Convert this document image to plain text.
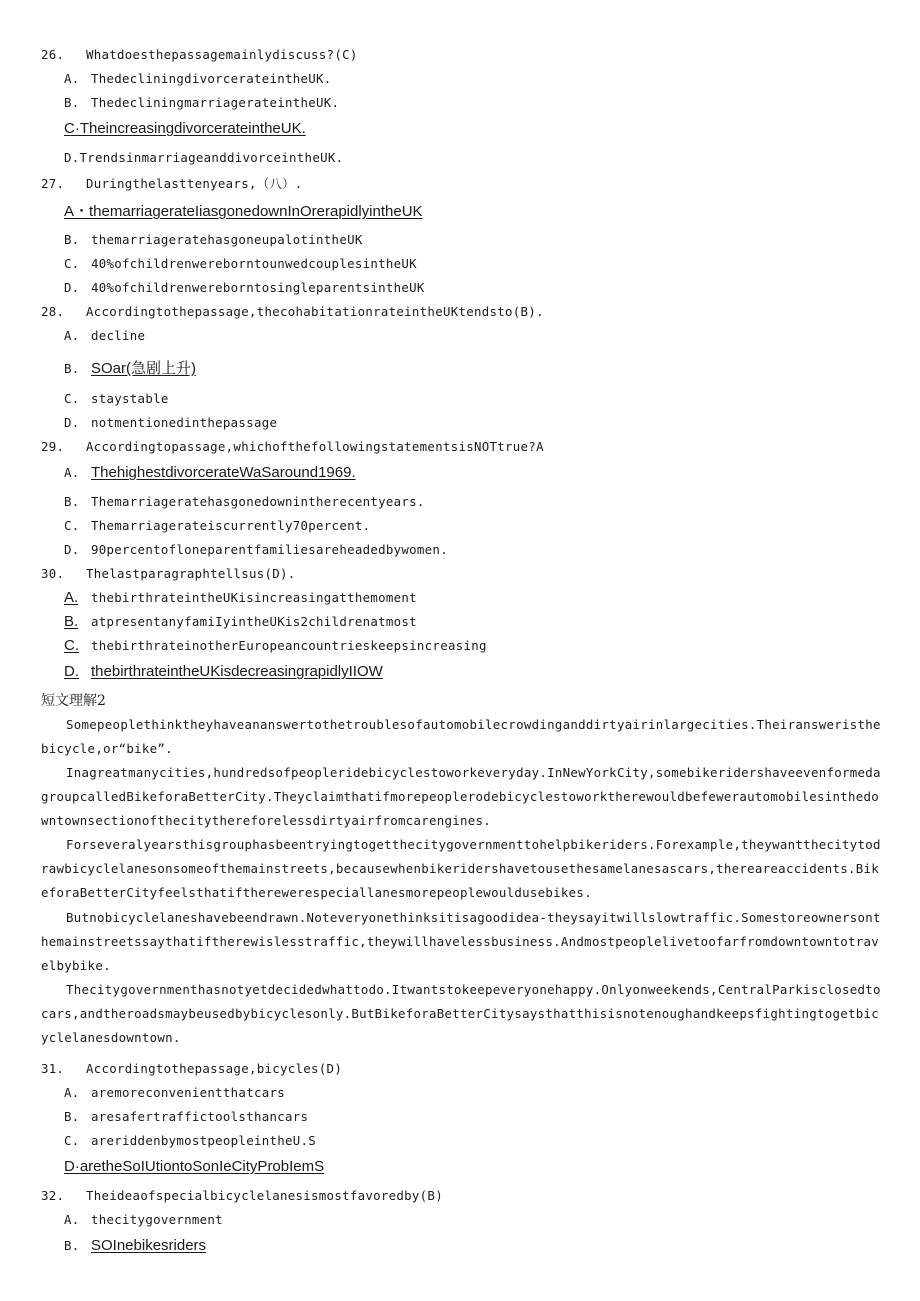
26. Whatdoesthepassagemainlydiscuss?(C)
A. ThedecliningdivorcerateintheUK.
B. ThedecliningmarriagerateintheUK.
C·TheincreasingdivorcerateintheUK.
D.TrendsinmarriageanddivorceintheUK.
27. Duringthelasttenyears,（八）.
A・themarriagerateIiasgonedownInOrerapidlyintheUK
B. themarriageratehasgoneupalotintheUK
C. 40%ofchildrenwereborntounwedcouplesintheUK
D. 40%ofchildrenwereborntosingleparentsintheUK
28. Accordingtothepassage,thecohabitationrateintheUKtendsto(B).
A. decline
B. SOar(急剧上升)
C. staystable
D. notmentionedinthepassage
29. Accordingtopassage,whichofthefollowingstatementsisNOTtrue?A
A. ThehighestdivorcerateWaSaround1969.
B. Themarriageratehasgonedownintherecentyears.
C. Themarriagerateiscurrently70percent.
D. 90percentofloneparentfamiliesareheadedbywomen.
30. Thelastparagraphtellsus(D).
A. thebirthrateintheUKisincreasingatthemoment
B. atpresentanyfamiIyintheUKis2childrenatmost
C. thebirthrateinotherEuropeancountrieskeepsincreasing
D. thebirthrateintheUKisdecreasingrapidlyIIOW
短文理解2
Somepeoplethinktheyhaveananswertothetroublesofautomobilecrowdinganddirtyairinlargecities.Theiransweristhebicycle,or“bike”.
Inagreatmanycities,hundredsofpeopleridebicyclestoworkeveryday.InNewYorkCity,somebikeridershaveevenformedagroupcalledBikeforaBetterCity.Theyclaimthatifmorepeoplerodebicyclestoworktherewouldbefewerautomobilesinthedowntownsectionofthecitythereforelessdirtyairfromcarengines.
Forseveralyearsthisgrouphasbeentryingtogetthecitygovernmenttohelpbikeriders.Forexample,theywantthecitytodrawbicyclelanesonsomeofthemainstreets,becausewhenbikeridershavetousethesamelanesascars,thereareaccidents.BikeforaBetterCityfeelsthatiftherewerespeciallanesmorepeoplewouldusebikes.
Butnobicyclelaneshavebeendrawn.Noteveryonethinksitisagoodidea-theysayitwillslowtraffic.Somestoreownersonthemainstreetssaythatiftherewislesstraffic,theywillhavelessbusiness.Andmostpeoplelivetoofarfromdowntowntotravelbybike.
Thecitygovernmenthasnotyetdecidedwhattodo.Itwantstokeepeveryonehappy.Onlyonweekends,CentralParkisclosedtocars,andtheroadsmaybeusedbybicyclesonly.ButBikeforaBetterCitysaysthatthisisnotenoughandkeepsfightingtogetbicyclelanesdowntown.
31. Accordingtothepassage,bicycles(D)
A. aremoreconvenientthatcars
B. aresafertraffictoolsthancars
C. areriddenbymostpeopleintheU.S
D·aretheSoIUtiontoSonIeCityProbIemS
32. Theideaofspecialbicyclelanesismostfavoredby(B)
A. thecitygovernment
B. SOInebikesriders
